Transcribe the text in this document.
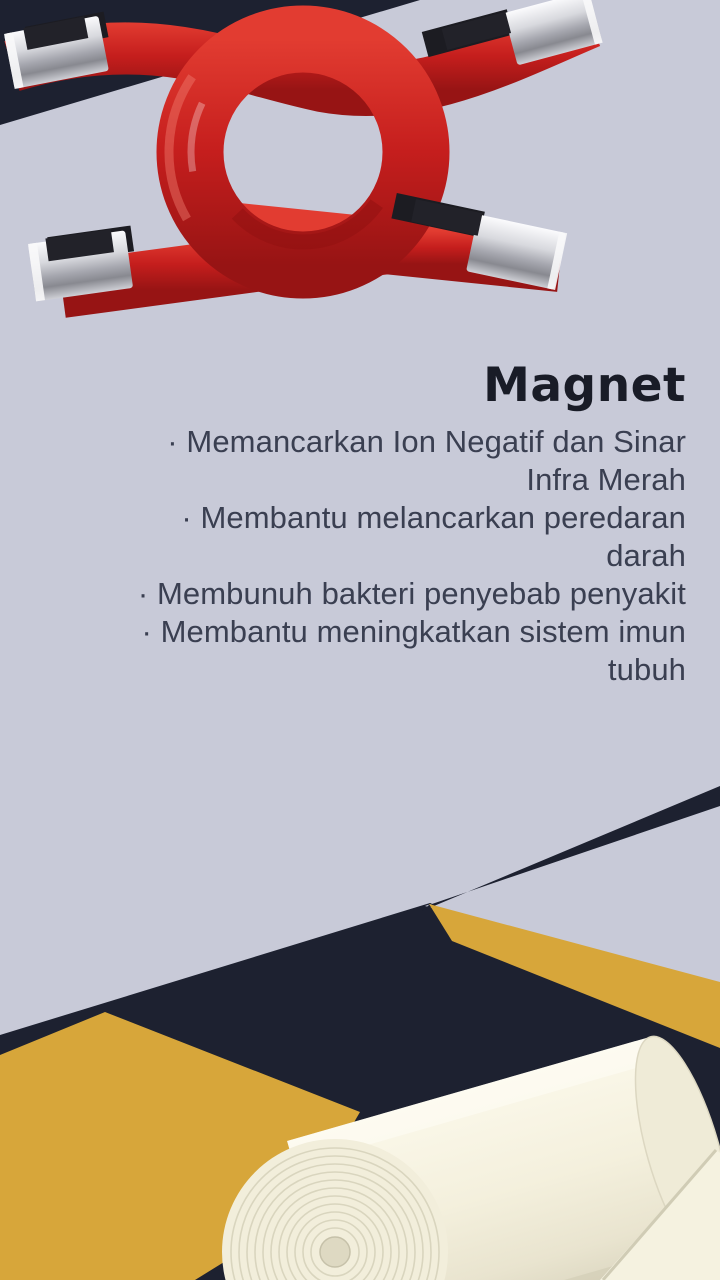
Magnet
· Memancarkan Ion Negatif dan Sinar Infra Merah
· Membantu melancarkan peredaran darah
· Membunuh bakteri penyebab penyakit
· Membantu meningkatkan sistem imun tubuh
